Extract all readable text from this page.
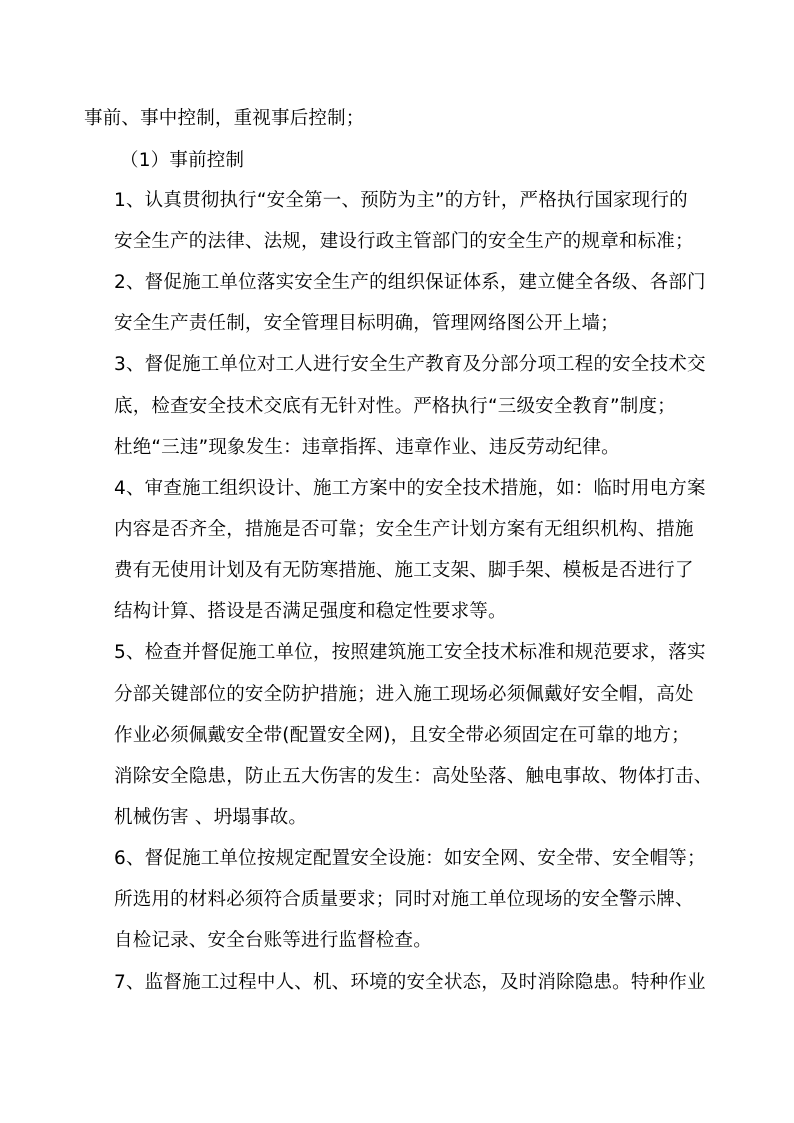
事前、事中控制，重视事后控制；
（1）事前控制
1、认真贯彻执行“安全第一、预防为主”的方针，严格执行国家现行的
安全生产的法律、法规，建设行政主管部门的安全生产的规章和标准；
2、督促施工单位落实安全生产的组织保证体系，建立健全各级、各部门
安全生产责任制，安全管理目标明确，管理网络图公开上墙；
3、督促施工单位对工人进行安全生产教育及分部分项工程的安全技术交
底，检查安全技术交底有无针对性。严格执行“三级安全教育”制度；
杜绝“三违”现象发生：违章指挥、违章作业、违反劳动纪律。
4、审查施工组织设计、施工方案中的安全技术措施，如：临时用电方案
内容是否齐全，措施是否可靠；安全生产计划方案有无组织机构、措施
费有无使用计划及有无防寒措施、施工支架、脚手架、模板是否进行了
结构计算、搭设是否满足强度和稳定性要求等。
5、检查并督促施工单位，按照建筑施工安全技术标准和规范要求，落实
分部关键部位的安全防护措施；进入施工现场必须佩戴好安全帽，高处
作业必须佩戴安全带(配置安全网)，且安全带必须固定在可靠的地方；
消除安全隐患，防止五大伤害的发生：高处坠落、触电事故、物体打击、
机械伤害 、坍塌事故。
6、督促施工单位按规定配置安全设施：如安全网、安全带、安全帽等；
所选用的材料必须符合质量要求；同时对施工单位现场的安全警示牌、
自检记录、安全台账等进行监督检查。
7、监督施工过程中人、机、环境的安全状态，及时消除隐患。特种作业
